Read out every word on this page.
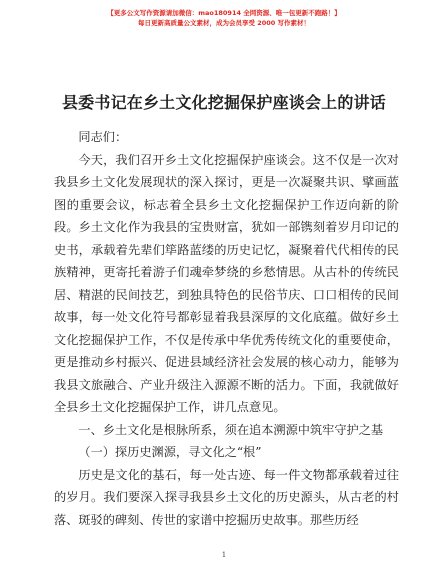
【更多公文写作资源请加微信：mao180914 全网资源、唯一包更新不跑路！】
每日更新高质量公文素材，成为会员享受 2000 写作素材！
县委书记在乡土文化挖掘保护座谈会上的讲话

同志们：

今天，我们召开乡土文化挖掘保护座谈会。这不仅是一次对我县乡土文化发展现状的深入探讨，更是一次凝聚共识、擘画蓝图的重要会议，标志着全县乡土文化挖掘保护工作迈向新的阶段。乡土文化作为我县的宝贵财富，犹如一部镌刻着岁月印记的史书，承载着先辈们筚路蓝缕的历史记忆，凝聚着代代相传的民族精神，更寄托着游子们魂牵梦绕的乡愁情思。从古朴的传统民居、精湛的民间技艺，到独具特色的民俗节庆、口口相传的民间故事，每一处文化符号都彰显着我县深厚的文化底蕴。做好乡土文化挖掘保护工作，不仅是传承中华优秀传统文化的重要使命，更是推动乡村振兴、促进县域经济社会发展的核心动力，能够为我县文旅融合、产业升级注入源源不断的活力。下面，我就做好全县乡土文化挖掘保护工作，讲几点意见。

一、乡土文化是根脉所系，须在追本溯源中筑牢守护之基

（一）探历史渊源，寻文化之“根”

历史是文化的基石，每一处古迹、每一件文物都承载着过往的岁月。我们要深入探寻我县乡土文化的历史源头，从古老的村落、斑驳的碑刻、传世的家谱中挖掘历史故事。那些历经

1
